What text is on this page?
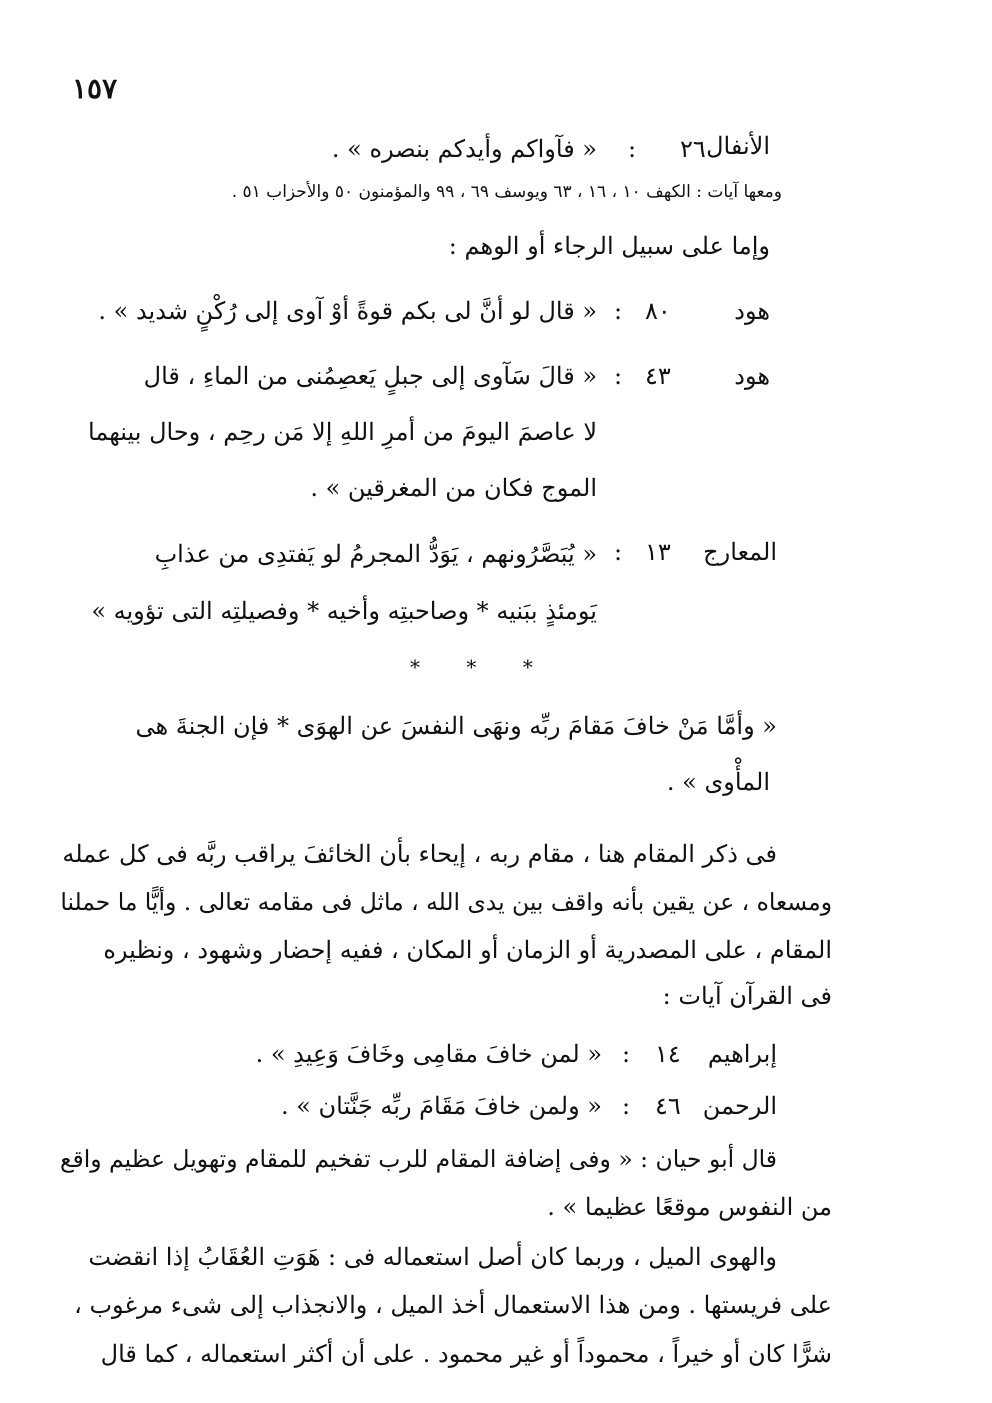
١٥٧
الأنفال
٢٦
:
« فآواكم وأيدكم بنصره » .
ومعها آيات : الكهف ١٠ ، ١٦ ، ٦٣ ويوسف ٦٩ ، ٩٩ والمؤمنون ٥٠ والأحزاب ٥١ .
وإما على سبيل الرجاء أو الوهم :
هود
٨٠
:
« قال لو أنَّ لى بكم قوةً أوْ آوى إلى رُكْنٍ شديد » .
هود
٤٣
:
« قالَ سَآوى إلى جبلٍ يَعصِمُنى من الماءِ ، قال
لا عاصمَ اليومَ من أمرِ اللهِ إلا مَن رحِم ، وحال بينهما
الموج فكان من المغرقين » .
المعارج
١٣
:
« يُبَصَّرُونهم ، يَوَدُّ المجرمُ لو يَفتدِى من عذابِ
يَومئذٍ ببَنيه * وصاحبتِه وأخيه * وفصيلتِه التى تؤويه »
* * *
« وأمَّا مَنْ خافَ مَقامَ ربِّه ونهَى النفسَ عن الهوَى * فإن الجنةَ هى
المأْوى » .
فى ذكر المقام هنا ، مقام ربه ، إيحاء بأن الخائفَ يراقب ربَّه فى كل عمله
ومسعاه ، عن يقين بأنه واقف بين يدى الله ، ماثل فى مقامه تعالى . وأيًّا ما حملنا
المقام ، على المصدرية أو الزمان أو المكان ، ففيه إحضار وشهود ، ونظيره
فى القرآن آيات :
إبراهيم
١٤
:
« لمن خافَ مقامِى وخَافَ وَعِيدِ » .
الرحمن
٤٦
:
« ولمن خافَ مَقَامَ ربِّه جَنَّتان » .
قال أبو حيان : « وفى إضافة المقام للرب تفخيم للمقام وتهويل عظيم واقع
من النفوس موقعًا عظيما » .
والهوى الميل ، وربما كان أصل استعماله فى : هَوَتِ العُقَابُ إذا انقضت
على فريستها . ومن هذا الاستعمال أخذ الميل ، والانجذاب إلى شىء مرغوب ،
شرًّا كان أو خيراً ، محموداً أو غير محمود . على أن أكثر استعماله ، كما قال
